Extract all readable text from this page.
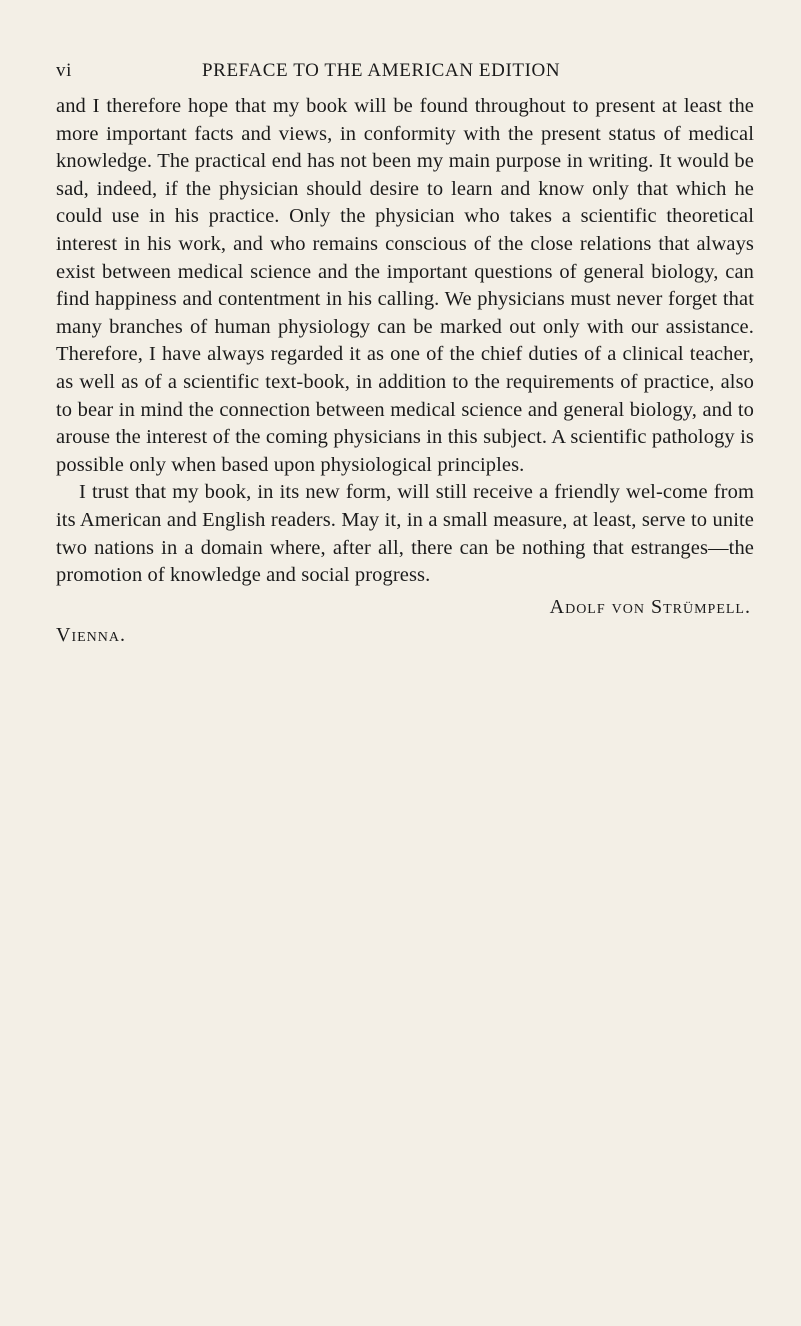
vi	PREFACE TO THE AMERICAN EDITION

and I therefore hope that my book will be found throughout to present at least the more important facts and views, in conformity with the present status of medical knowledge. The practical end has not been my main purpose in writing. It would be sad, indeed, if the physician should desire to learn and know only that which he could use in his practice. Only the physician who takes a scientific theoretical interest in his work, and who remains conscious of the close relations that always exist between medical science and the important questions of general biology, can find happiness and contentment in his calling. We physicians must never forget that many branches of human physiology can be marked out only with our assistance. Therefore, I have always regarded it as one of the chief duties of a clinical teacher, as well as of a scientific text-book, in addition to the requirements of practice, also to bear in mind the connection between medical science and general biology, and to arouse the interest of the coming physicians in this subject. A scientific pathology is possible only when based upon physiological principles.

I trust that my book, in its new form, will still receive a friendly wel-come from its American and English readers. May it, in a small measure, at least, serve to unite two nations in a domain where, after all, there can be nothing that estranges—the promotion of knowledge and social progress.

Adolf von Strümpell.
Vienna.
